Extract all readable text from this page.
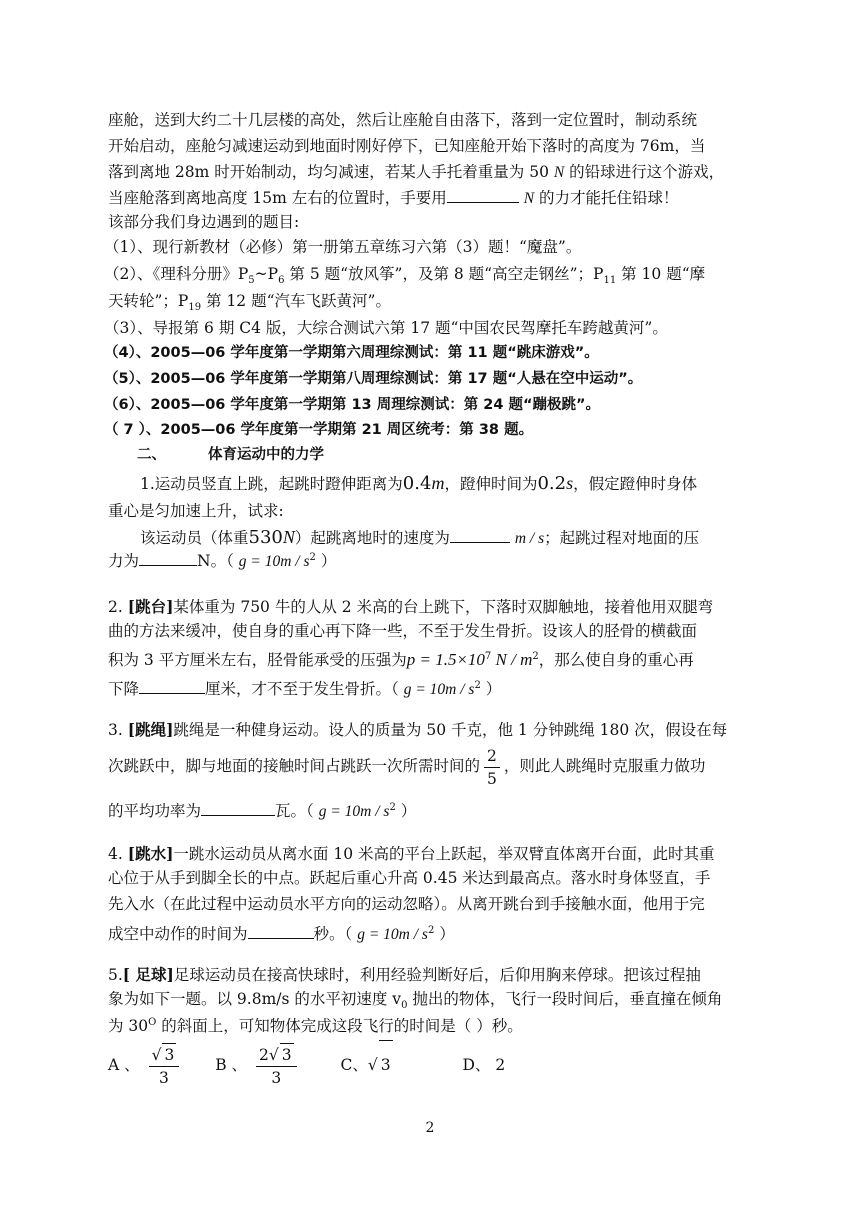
座舱，送到大约二十几层楼的高处，然后让座舱自由落下，落到一定位置时，制动系统
开始启动，座舱匀减速运动到地面时刚好停下，已知座舱开始下落时的高度为 76m，当
落到离地 28m 时开始制动，均匀减速，若某人手托着重量为 50 N 的铅球进行这个游戏，
当座舱落到离地高度 15m 左右的位置时，手要用	N 的力才能托住铅球！
该部分我们身边遇到的题目:
（1）、现行新教材（必修）第一册第五章练习六第（3）题！“魔盘”。
（2）、《理科分册》$P_5\sim P_6$ 第 5 题“放风筝”，及第 8 题“高空走钢丝”；$P_{11}$ 第 10 题“摩
天转轮”；$P_{19}$ 第 12 题“汽车飞跃黄河”。
（3）、导报第 6 期 C4 版，大综合测试六第 17 题“中国农民驾摩托车跨越黄河”。
（4）、2005—06 学年度第一学期第六周理综测试：第 11 题“跳床游戏”。
（5）、2005—06 学年度第一学期第八周理综测试：第 17 题“人悬在空中运动”。
（6）、2005—06 学年度第一学期第 13 周理综测试：第 24 题“蹦极跳”。
（ 7 ）、2005—06 学年度第一学期第 21 周区统考：第 38 题。
二、	体育运动中的力学
1.运动员竖直上跳，起跳时蹬伸距离为0.4m，蹬伸时间为0.2s，假定蹬伸时身体
重心是匀加速上升，试求:
该运动员（体重530N）起跳离地时的速度为	m / s；起跳过程对地面的压
力为	N。（ $g = 10m / s^2$ ）
2. [跳台]某体重为 750 牛的人从 2 米高的台上跳下，下落时双脚触地，接着他用双腿弯
曲的方法来缓冲，使自身的重心再下降一些，不至于发生骨折。设该人的胫骨的横截面
积为 3 平方厘米左右，胫骨能承受的压强为$p = 1.5\times 10^7$ N / $m^2$，那么使自身的重心再
下降	厘米，才不至于发生骨折。（ $g = 10m / s^2$ ）
3. [跳绳]跳绳是一种健身运动。设人的质量为 50 千克，他 1 分钟跳绳 180 次，假设在每
次跳跃中，脚与地面的接触时间占跳跃一次所需时间的 $\frac{2}{5}$ ，则此人跳绳时克服重力做功
的平均功率为	瓦。（ $g = 10m / s^2$ ）
4. [跳水]一跳水运动员从离水面 10 米高的平台上跃起，举双臂直体离开台面，此时其重
心位于从手到脚全长的中点。跃起后重心升高 0.45 米达到最高点。落水时身体竖直，手
先入水（在此过程中运动员水平方向的运动忽略）。从离开跳台到手接触水面，他用于完
成空中动作的时间为	秒。（ $g = 10m / s^2$ ）
5.[ 足球]足球运动员在接高快球时，利用经验判断好后，后仰用胸来停球。把该过程抽
象为如下一题。以 9.8m/s 的水平初速度 $v_0$ 抛出的物体，飞行一段时间后，垂直撞在倾角
为 $30^O$ 的斜面上，可知物体完成这段飞行的时间是（ ）秒。
A 、 $\frac{√ 3}{3}$ B 、 $\frac{2√ 3}{3}$	C、√ 3	D、 2
2
